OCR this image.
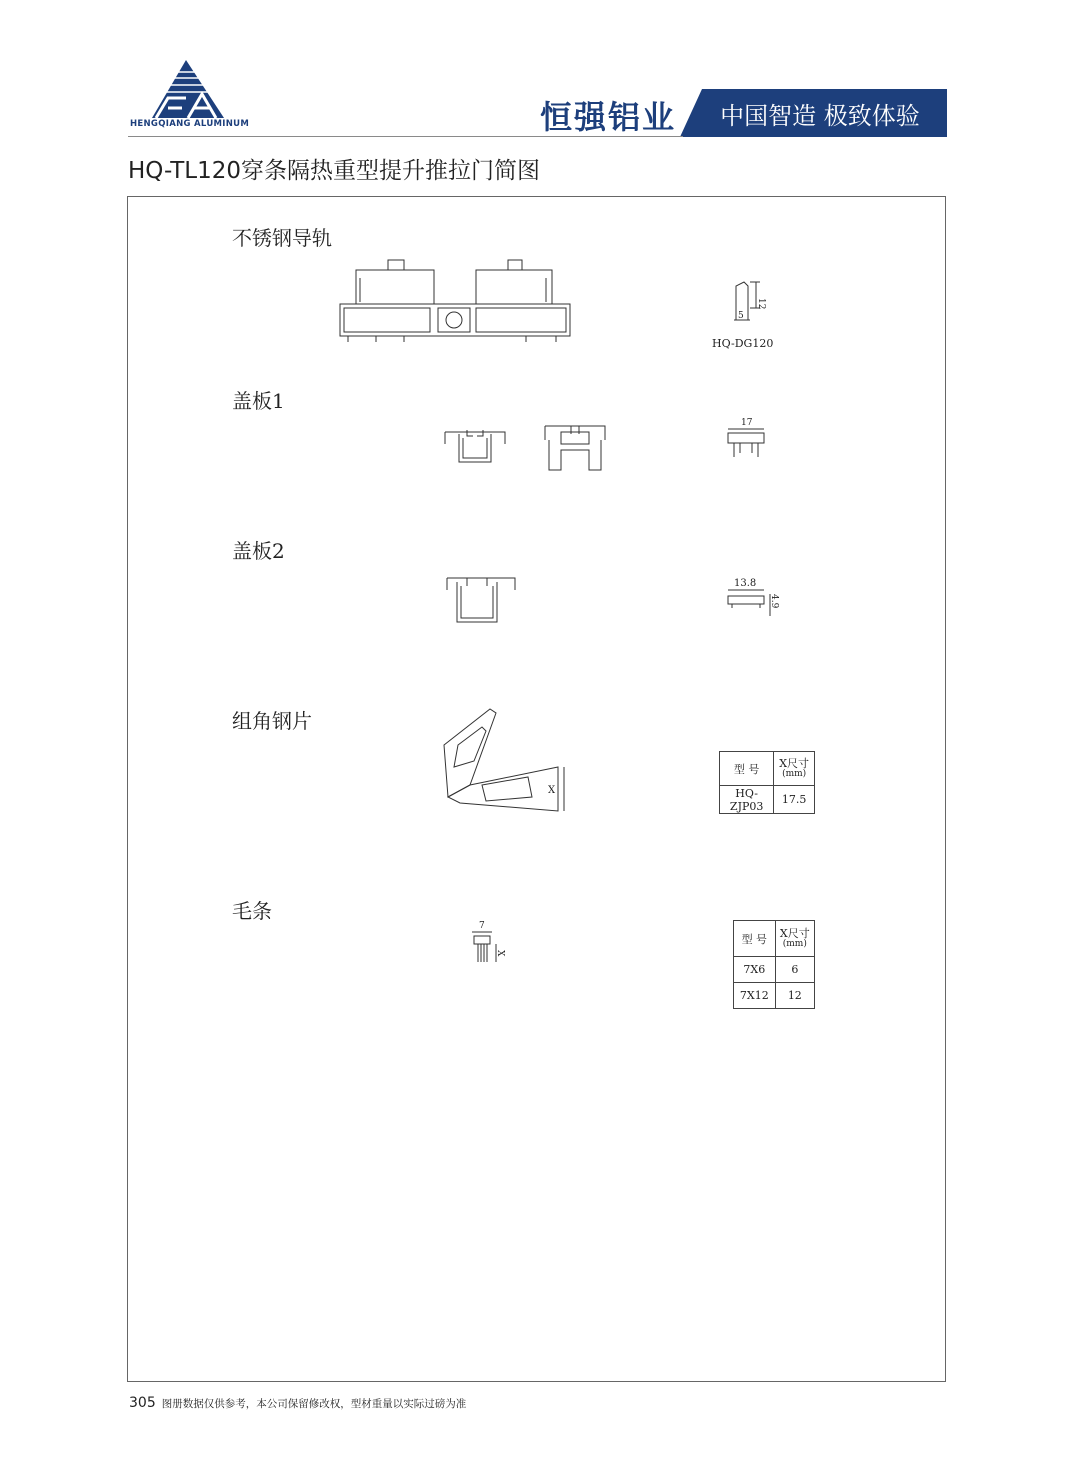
HENGQIANG ALUMINUM	恒强铝业	中国智造 极致体验
HQ-TL120穿条隔热重型提升推拉门简图
不锈钢导轨
12
5
HQ-DG120
盖板1
17
盖板2
13.8
4.9
组角钢片
X
型 号	X尺寸
(mm)

HQ-ZJP03	17.5
毛条
7
X
型 号	X尺寸
(mm)

7X6	6
7X12	12
305 图册数据仅供参考，本公司保留修改权，型材重量以实际过磅为准
